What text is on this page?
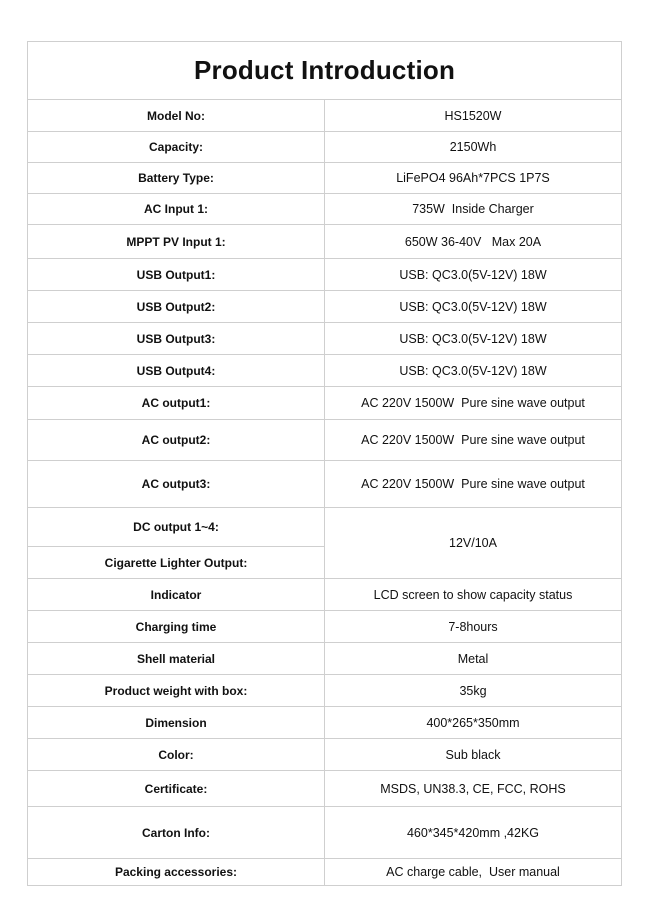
Product Introduction	
Model No:	HS1520W
Capacity:	2150Wh
Battery Type:	LiFePO4 96Ah*7PCS 1P7S
AC Input 1:	735W  Inside Charger
MPPT PV Input 1:	650W 36-40V   Max 20A
USB Output1:	USB: QC3.0(5V-12V) 18W
USB Output2:	USB: QC3.0(5V-12V) 18W
USB Output3:	USB: QC3.0(5V-12V) 18W
USB Output4:	USB: QC3.0(5V-12V) 18W
AC output1:	AC 220V 1500W  Pure sine wave output
AC output2:	AC 220V 1500W  Pure sine wave output
AC output3:	AC 220V 1500W  Pure sine wave output
DC output 1~4:	12V/10A
Cigarette Lighter Output:	
Indicator	LCD screen to show capacity status
Charging time	7-8hours
Shell material	Metal
Product weight with box:	35kg
Dimension	400*265*350mm
Color:	Sub black
Certificate:	MSDS, UN38.3, CE, FCC, ROHS
Carton Info:	460*345*420mm ,42KG
Packing accessories:	AC charge cable,  User manual
